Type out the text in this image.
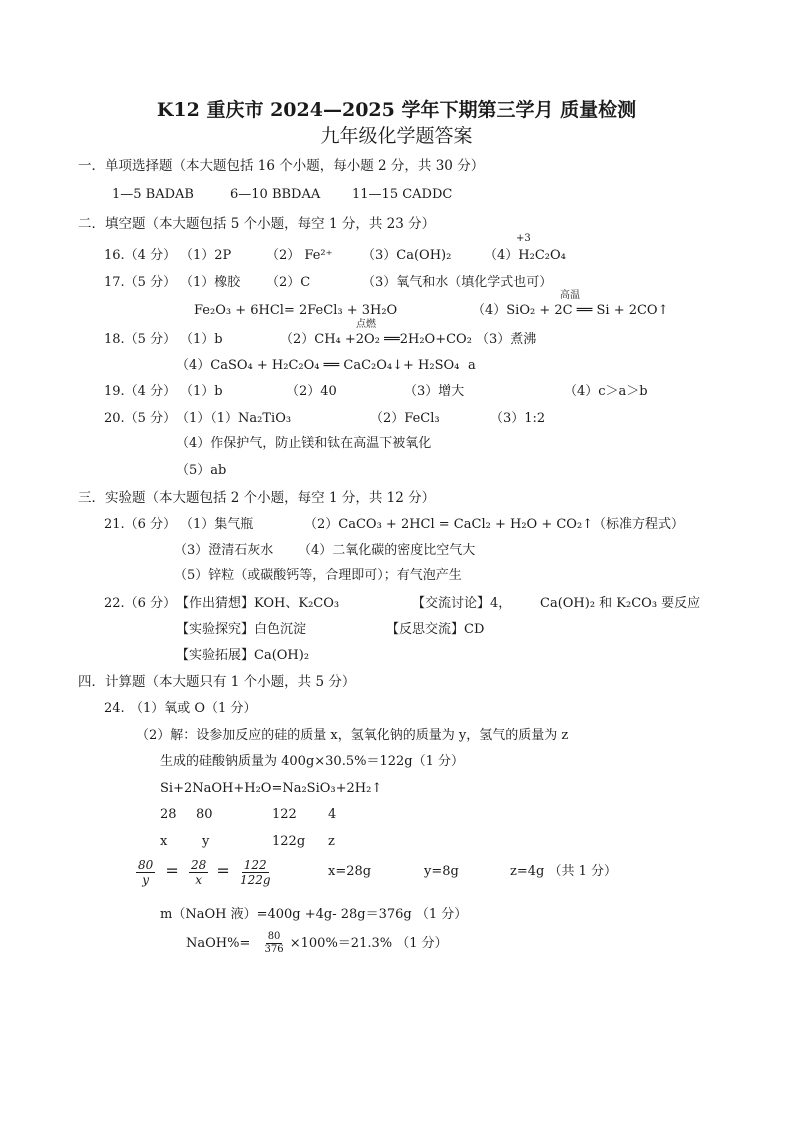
K12 重庆市 2024—2025 学年下期第三学月 质量检测
九年级化学题答案
一．单项选择题（本大题包括 16 个小题，每小题 2 分，共 30 分）
1—5 BADAB	6—10 BBDAA 11—15 CADDC
二．填空题（本大题包括 5 个小题，每空 1 分，共 23 分）
16.（4 分） （1）2P	（2） Fe²⁺ （3）Ca(OH)₂
+3
（4）H₂C₂O₄
17.（5 分） （1）橡胶 （2）C	（3）氧气和水（填化学式也可）
Fe₂O₃ + 6HCl= 2FeCl₃ + 3H₂O
高温
（4）SiO₂ + 2C ══ Si + 2CO↑
18.（5 分） （1）b
点燃
（2）CH₄ +2O₂ ══2H₂O+CO₂ （3）煮沸
（4）CaSO₄ + H₂C₂O₄ ══ CaC₂O₄↓+ H₂SO₄ a
19.（4 分） （1）b	（2）40	（3）增大	（4）c＞a＞b
20.（5 分） （1）（1）Na₂TiO₃	（2）FeCl₃	（3）1:2
（4）作保护气，防止镁和钛在高温下被氧化
（5）ab
三．实验题（本大题包括 2 个小题，每空 1 分，共 12 分）
21.（6 分） （1）集气瓶	（2）CaCO₃ + 2HCl = CaCl₂ + H₂O + CO₂↑（标准方程式）
（3）澄清石灰水 （4）二氧化碳的密度比空气大
（5）锌粒（或碳酸钙等，合理即可）；有气泡产生
22.（6 分） 【作出猜想】KOH、K₂CO₃	【交流讨论】4， Ca(OH)₂ 和 K₂CO₃ 要反应
【实验探究】白色沉淀	【反思交流】CD
【实验拓展】Ca(OH)₂
四．计算题（本大题只有 1 个小题，共 5 分）
24. （1）氧或 O（1 分）
（2）解：设参加反应的硅的质量 x，氢氧化钠的质量为 y，氢气的质量为 z
生成的硅酸钠质量为 400g×30.5%＝122g（1 分）
Si+2NaOH+H₂O=Na₂SiO₃+2H₂↑
28 80	122 4
x	y	122g z
$\frac{80}{y} = \frac{28}{x} = \frac{122}{122g}$	x=28g	y=8g	z=4g （共 1 分）
m（NaOH 液）=400g +4g- 28g＝376g （1 分）
NaOH%= $\frac{80}{376} \times 100\%=21.3\%$ （1 分）
